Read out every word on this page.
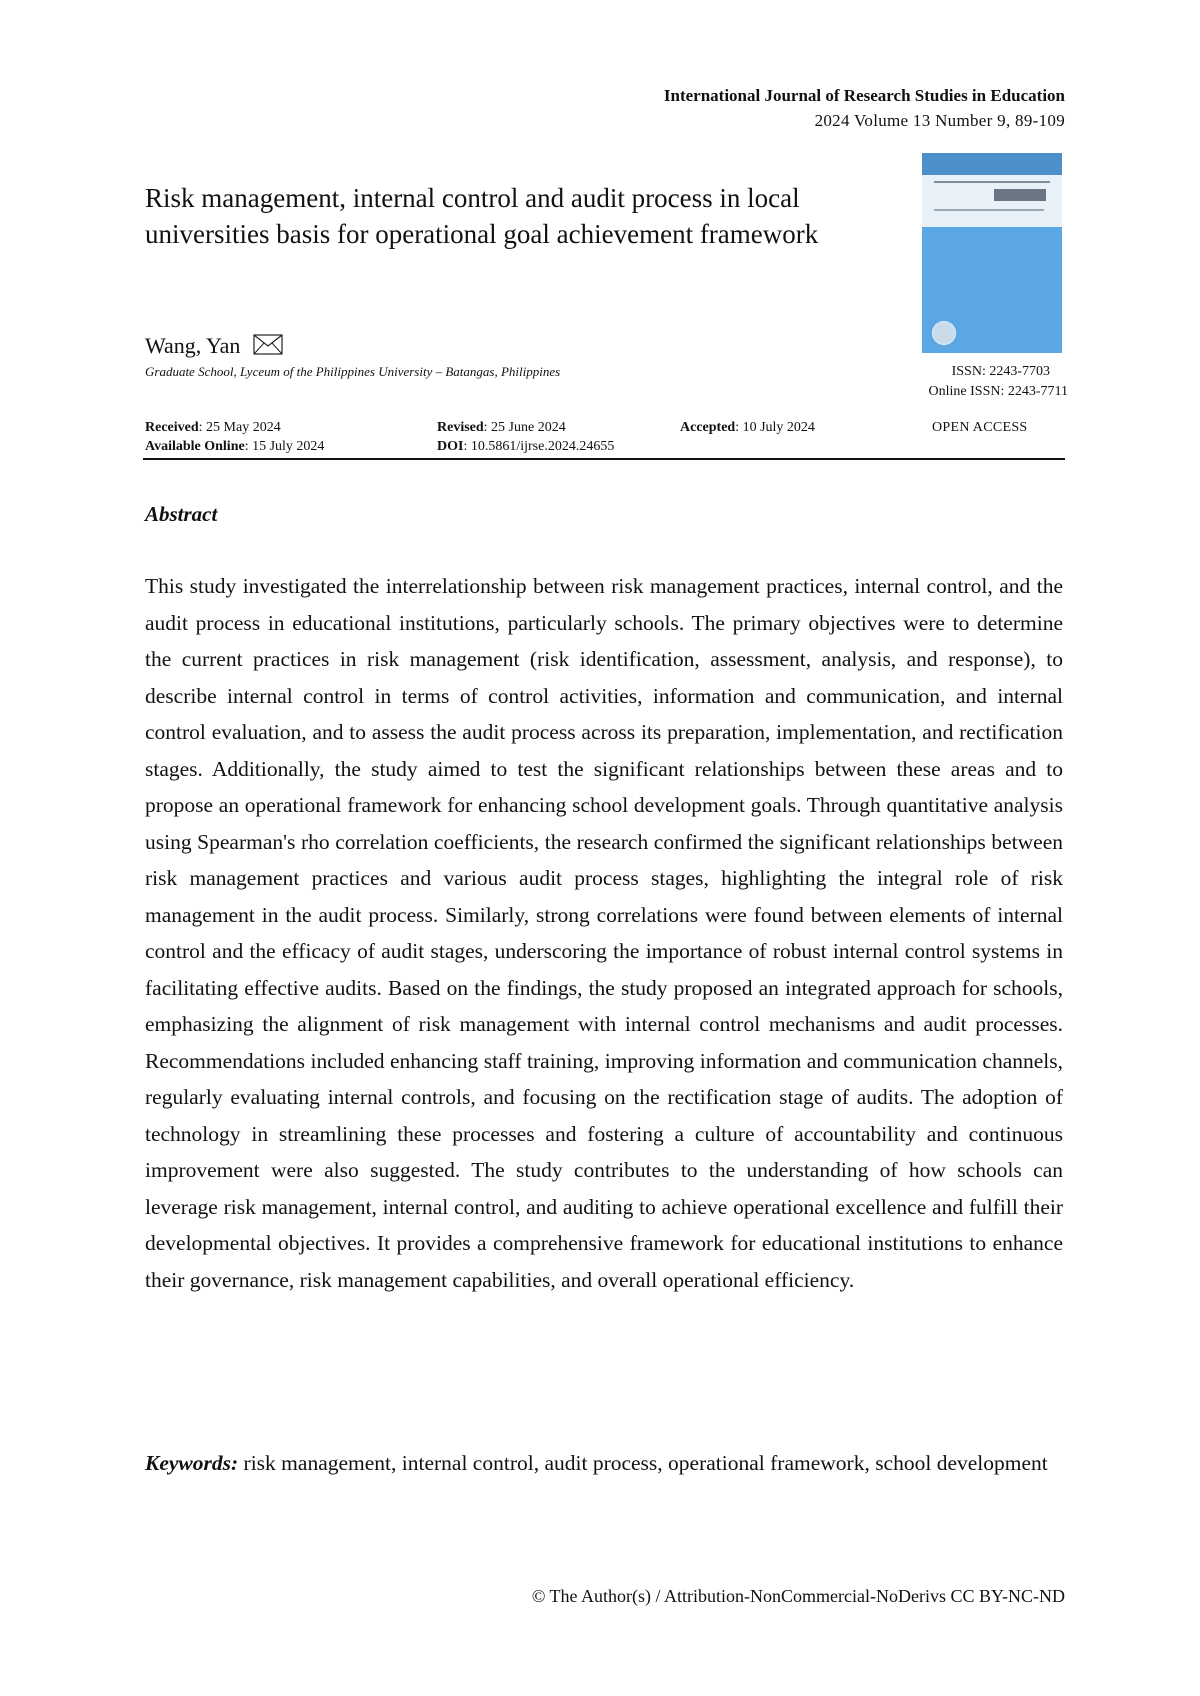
International Journal of Research Studies in Education
2024 Volume 13 Number 9, 89-109
Risk management, internal control and audit process in local universities basis for operational goal achievement framework
Wang, Yan
Graduate School, Lyceum of the Philippines University – Batangas, Philippines	ISSN: 2243-7703
Online ISSN: 2243-7711
Received: 25 May 2024	Revised: 25 June 2024	Accepted: 10 July 2024
Available Online: 15 July 2024	DOI: 10.5861/ijrse.2024.24655
OPEN ACCESS
Abstract
This study investigated the interrelationship between risk management practices, internal control, and the audit process in educational institutions, particularly schools. The primary objectives were to determine the current practices in risk management (risk identification, assessment, analysis, and response), to describe internal control in terms of control activities, information and communication, and internal control evaluation, and to assess the audit process across its preparation, implementation, and rectification stages. Additionally, the study aimed to test the significant relationships between these areas and to propose an operational framework for enhancing school development goals. Through quantitative analysis using Spearman's rho correlation coefficients, the research confirmed the significant relationships between risk management practices and various audit process stages, highlighting the integral role of risk management in the audit process. Similarly, strong correlations were found between elements of internal control and the efficacy of audit stages, underscoring the importance of robust internal control systems in facilitating effective audits. Based on the findings, the study proposed an integrated approach for schools, emphasizing the alignment of risk management with internal control mechanisms and audit processes. Recommendations included enhancing staff training, improving information and communication channels, regularly evaluating internal controls, and focusing on the rectification stage of audits. The adoption of technology in streamlining these processes and fostering a culture of accountability and continuous improvement were also suggested. The study contributes to the understanding of how schools can leverage risk management, internal control, and auditing to achieve operational excellence and fulfill their developmental objectives. It provides a comprehensive framework for educational institutions to enhance their governance, risk management capabilities, and overall operational efficiency.
Keywords: risk management, internal control, audit process, operational framework, school development
© The Author(s) / Attribution-NonCommercial-NoDerivs CC BY-NC-ND
